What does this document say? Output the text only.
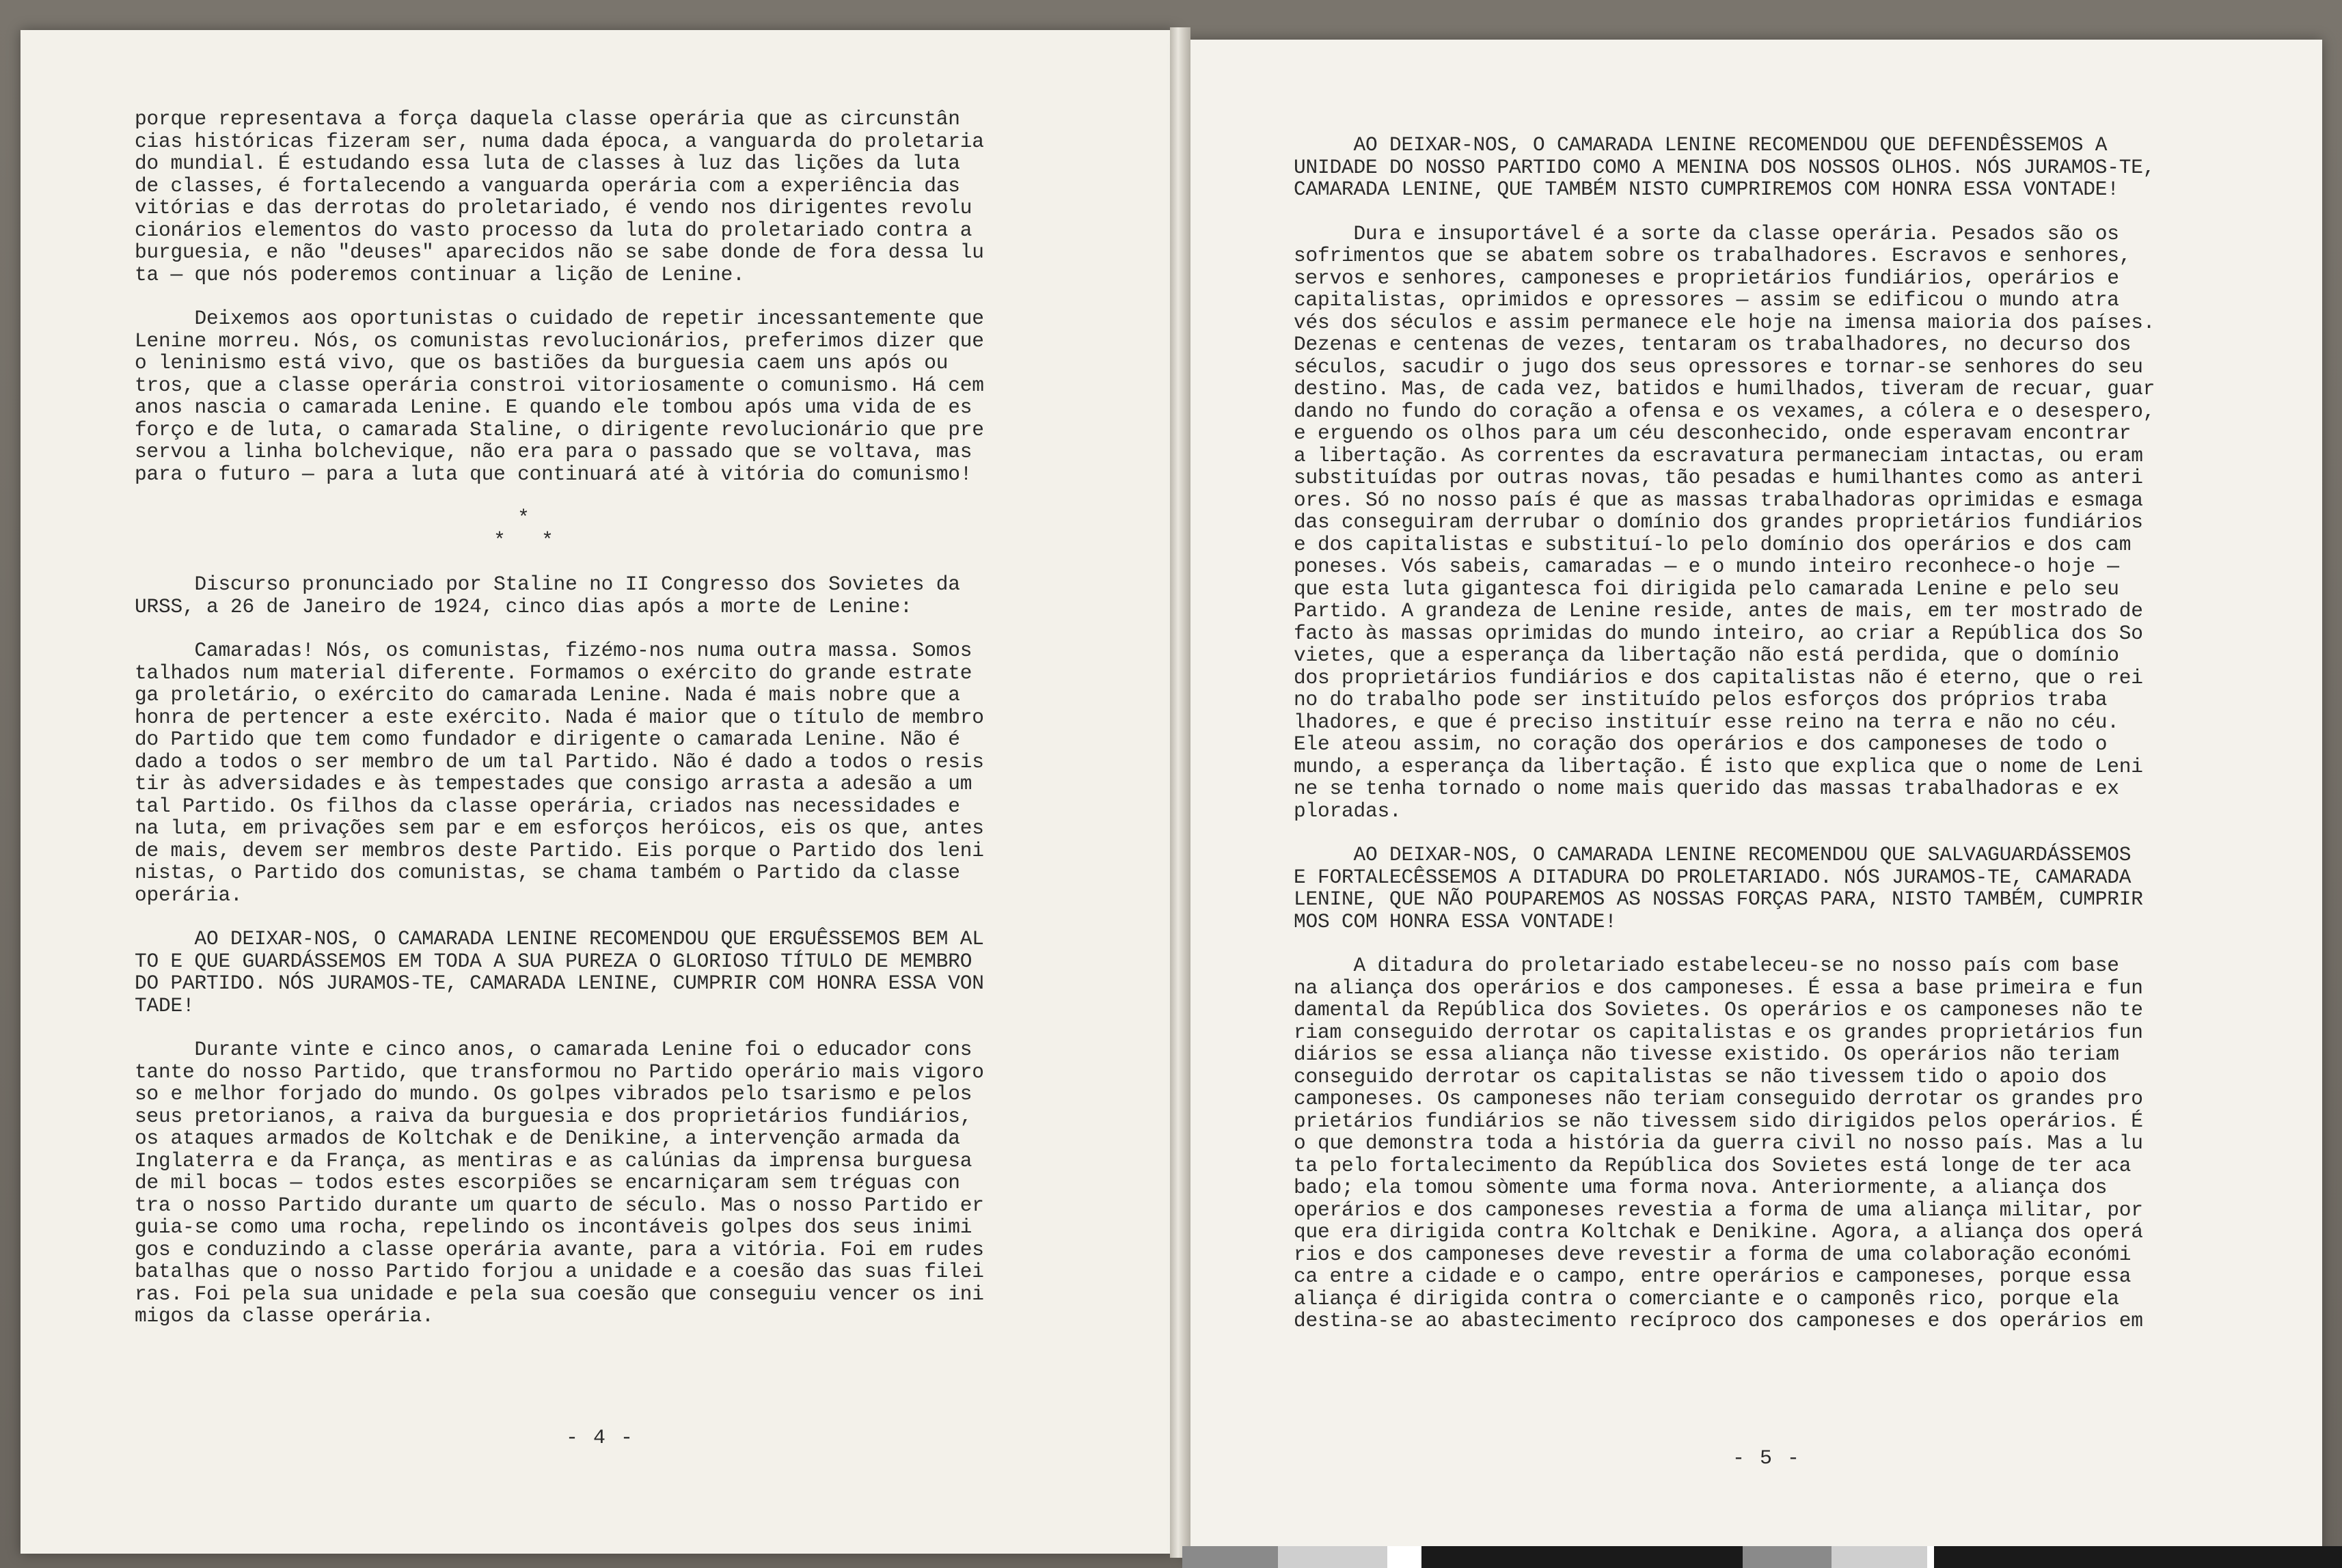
porque representava a força daquela classe operária que as circunstân

cias históricas fizeram ser, numa dada época, a vanguarda do proletaria

do mundial. É estudando essa luta de classes à luz das lições da luta

de classes, é fortalecendo a vanguarda operária com a experiência das

vitórias e das derrotas do proletariado, é vendo nos dirigentes revolu

cionários elementos do vasto processo da luta do proletariado contra a

burguesia, e não "deuses" aparecidos não se sabe donde de fora dessa lu

ta — que nós poderemos continuar a lição de Lenine.

Deixemos aos oportunistas o cuidado de repetir incessantemente que

Lenine morreu. Nós, os comunistas revolucionários, preferimos dizer que

o leninismo está vivo, que os bastiões da burguesia caem uns após ou

tros, que a classe operária constroi vitoriosamente o comunismo. Há cem

anos nascia o camarada Lenine. E quando ele tombou após uma vida de es

forço e de luta, o camarada Staline, o dirigente revolucionário que pre

servou a linha bolchevique, não era para o passado que se voltava, mas

para o futuro — para a luta que continuará até à vitória do comunismo!

*

*   *

Discurso pronunciado por Staline no II Congresso dos Sovietes da

URSS, a 26 de Janeiro de 1924, cinco dias após a morte de Lenine:

Camaradas! Nós, os comunistas, fizémo-nos numa outra massa. Somos

talhados num material diferente. Formamos o exército do grande estrate

ga proletário, o exército do camarada Lenine. Nada é mais nobre que a

honra de pertencer a este exército. Nada é maior que o título de membro

do Partido que tem como fundador e dirigente o camarada Lenine. Não é

dado a todos o ser membro de um tal Partido. Não é dado a todos o resis

tir às adversidades e às tempestades que consigo arrasta a adesão a um

tal Partido. Os filhos da classe operária, criados nas necessidades e

na luta, em privações sem par e em esforços heróicos, eis os que, antes

de mais, devem ser membros deste Partido. Eis porque o Partido dos leni

nistas, o Partido dos comunistas, se chama também o Partido da classe

operária.

AO DEIXAR-NOS, O CAMARADA LENINE RECOMENDOU QUE ERGUÊSSEMOS BEM AL

TO E QUE GUARDÁSSEMOS EM TODA A SUA PUREZA O GLORIOSO TÍTULO DE MEMBRO

DO PARTIDO. NÓS JURAMOS-TE, CAMARADA LENINE, CUMPRIR COM HONRA ESSA VON

TADE!

Durante vinte e cinco anos, o camarada Lenine foi o educador cons

tante do nosso Partido, que transformou no Partido operário mais vigoro

so e melhor forjado do mundo. Os golpes vibrados pelo tsarismo e pelos

seus pretorianos, a raiva da burguesia e dos proprietários fundiários,

os ataques armados de Koltchak e de Denikine, a intervenção armada da

Inglaterra e da França, as mentiras e as calúnias da imprensa burguesa

de mil bocas — todos estes escorpiões se encarniçaram sem tréguas con

tra o nosso Partido durante um quarto de século. Mas o nosso Partido er

guia-se como uma rocha, repelindo os incontáveis golpes dos seus inimi

gos e conduzindo a classe operária avante, para a vitória. Foi em rudes

batalhas que o nosso Partido forjou a unidade e a coesão das suas filei

ras. Foi pela sua unidade e pela sua coesão que conseguiu vencer os ini

migos da classe operária.

AO DEIXAR-NOS, O CAMARADA LENINE RECOMENDOU QUE DEFENDÊSSEMOS A

UNIDADE DO NOSSO PARTIDO COMO A MENINA DOS NOSSOS OLHOS. NÓS JURAMOS-TE,

CAMARADA LENINE, QUE TAMBÉM NISTO CUMPRIREMOS COM HONRA ESSA VONTADE!

Dura e insuportável é a sorte da classe operária. Pesados são os

sofrimentos que se abatem sobre os trabalhadores. Escravos e senhores,

servos e senhores, camponeses e proprietários fundiários, operários e

capitalistas, oprimidos e opressores — assim se edificou o mundo atra

vés dos séculos e assim permanece ele hoje na imensa maioria dos países.

Dezenas e centenas de vezes, tentaram os trabalhadores, no decurso dos

séculos, sacudir o jugo dos seus opressores e tornar-se senhores do seu

destino. Mas, de cada vez, batidos e humilhados, tiveram de recuar, guar

dando no fundo do coração a ofensa e os vexames, a cólera e o desespero,

e erguendo os olhos para um céu desconhecido, onde esperavam encontrar

a libertação. As correntes da escravatura permaneciam intactas, ou eram

substituídas por outras novas, tão pesadas e humilhantes como as anteri

ores. Só no nosso país é que as massas trabalhadoras oprimidas e esmaga

das conseguiram derrubar o domínio dos grandes proprietários fundiários

e dos capitalistas e substituí-lo pelo domínio dos operários e dos cam

poneses. Vós sabeis, camaradas — e o mundo inteiro reconhece-o hoje —

que esta luta gigantesca foi dirigida pelo camarada Lenine e pelo seu

Partido. A grandeza de Lenine reside, antes de mais, em ter mostrado de

facto às massas oprimidas do mundo inteiro, ao criar a República dos So

vietes, que a esperança da libertação não está perdida, que o domínio

dos proprietários fundiários e dos capitalistas não é eterno, que o rei

no do trabalho pode ser instituído pelos esforços dos próprios traba

lhadores, e que é preciso instituír esse reino na terra e não no céu.

Ele ateou assim, no coração dos operários e dos camponeses de todo o

mundo, a esperança da libertação. É isto que explica que o nome de Leni

ne se tenha tornado o nome mais querido das massas trabalhadoras e ex

ploradas.

AO DEIXAR-NOS, O CAMARADA LENINE RECOMENDOU QUE SALVAGUARDÁSSEMOS

E FORTALECÊSSEMOS A DITADURA DO PROLETARIADO. NÓS JURAMOS-TE, CAMARADA

LENINE, QUE NÃO POUPAREMOS AS NOSSAS FORÇAS PARA, NISTO TAMBÉM, CUMPRIR

MOS COM HONRA ESSA VONTADE!

A ditadura do proletariado estabeleceu-se no nosso país com base

na aliança dos operários e dos camponeses. É essa a base primeira e fun

damental da República dos Sovietes. Os operários e os camponeses não te

riam conseguido derrotar os capitalistas e os grandes proprietários fun

diários se essa aliança não tivesse existido. Os operários não teriam

conseguido derrotar os capitalistas se não tivessem tido o apoio dos

camponeses. Os camponeses não teriam conseguido derrotar os grandes pro

prietários fundiários se não tivessem sido dirigidos pelos operários. É

o que demonstra toda a história da guerra civil no nosso país. Mas a lu

ta pelo fortalecimento da República dos Sovietes está longe de ter aca

bado; ela tomou sòmente uma forma nova. Anteriormente, a aliança dos

operários e dos camponeses revestia a forma de uma aliança militar, por

que era dirigida contra Koltchak e Denikine. Agora, a aliança dos operá

rios e dos camponeses deve revestir a forma de uma colaboração económi

ca entre a cidade e o campo, entre operários e camponeses, porque essa

aliança é dirigida contra o comerciante e o camponês rico, porque ela

destina-se ao abastecimento recíproco dos camponeses e dos operários em

- 4 -
- 5 -
